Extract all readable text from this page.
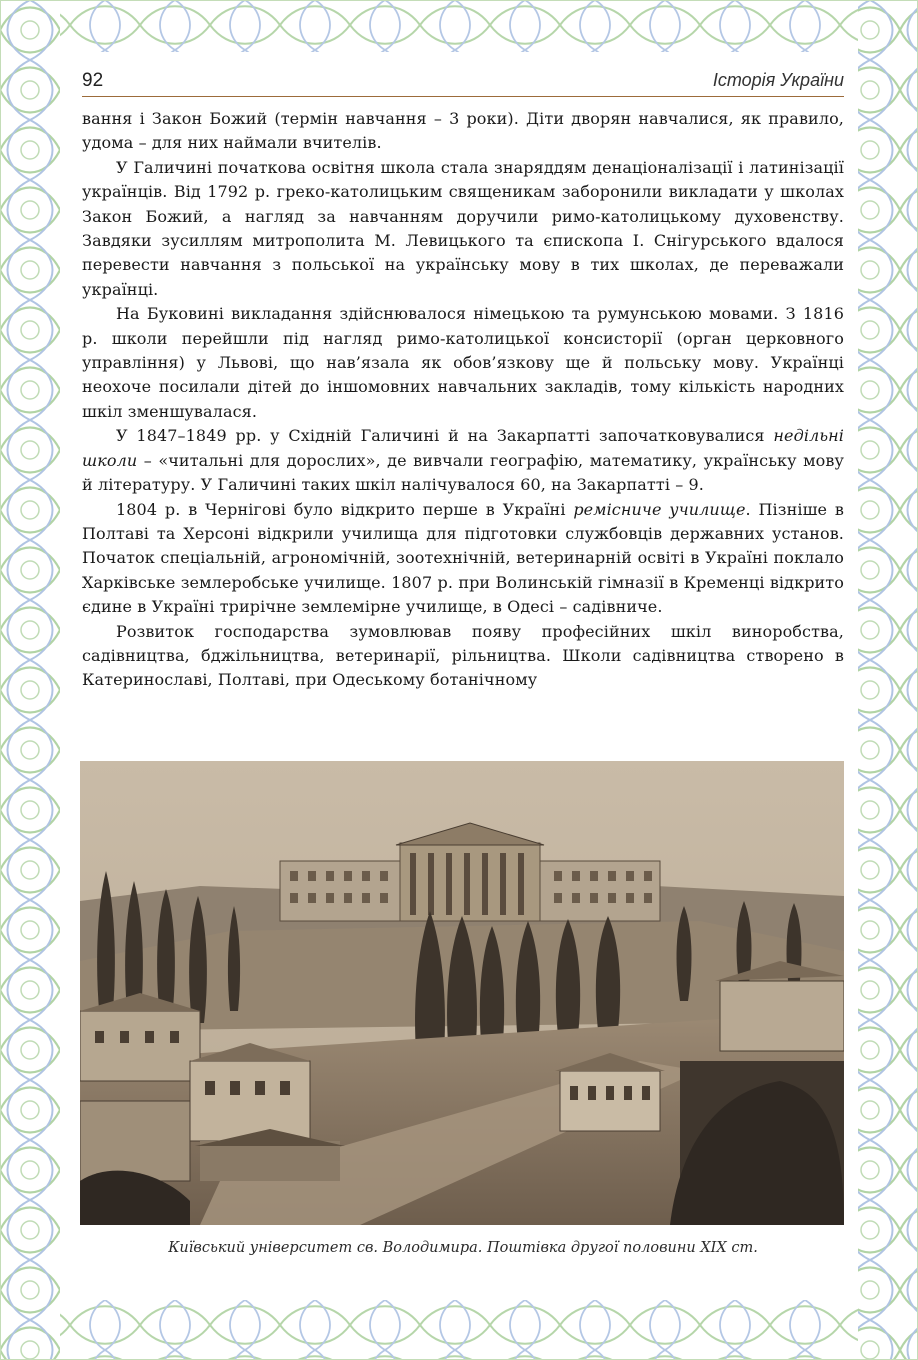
92	Історія України

вання і Закон Божий (термін навчання – 3 роки). Діти дворян навчалися, як правило, удома – для них наймали вчителів.

У Галичині початкова освітня школа стала знаряддям денаціоналізації і латинізації українців. Від 1792 р. греко-католицьким священикам заборонили викладати у школах Закон Божий, а нагляд за навчанням доручили римо-католицькому духовенству. Завдяки зусиллям митрополита М. Левицького та єпископа І. Снігурського вдалося перевести навчання з польської на українську мову в тих школах, де переважали українці.

На Буковині викладання здійснювалося німецькою та румунською мовами. З 1816 р. школи перейшли під нагляд римо-католицької консисторії (орган церковного управління) у Львові, що нав’язала як обов’язкову ще й польську мову. Українці неохоче посилали дітей до іншомовних навчальних закладів, тому кількість народних шкіл зменшувалася.

У 1847–1849 рр. у Східній Галичині й на Закарпатті започатковувалися недільні школи – «читальні для дорослих», де вивчали географію, математику, українську мову й літературу. У Галичині таких шкіл налічувалося 60, на Закарпатті – 9.

1804 р. в Чернігові було відкрито перше в Україні ремісниче училище. Пізніше в Полтаві та Херсоні відкрили училища для підготовки службовців державних установ. Початок спеціальній, агрономічній, зоотехнічній, ветеринарній освіті в Україні поклало Харківське землеробське училище. 1807 р. при Волинській гімназії в Кременці відкрито єдине в Україні трирічне землемірне училище, в Одесі – садівниче.

Розвиток господарства зумовлював появу професійних шкіл виноробства, садівництва, бджільництва, ветеринарії, рільництва. Школи садівництва створено в Катеринославі, Полтаві, при Одеському ботанічному

Київський університет св. Володимира. Поштівка другої половини XIX ст.
